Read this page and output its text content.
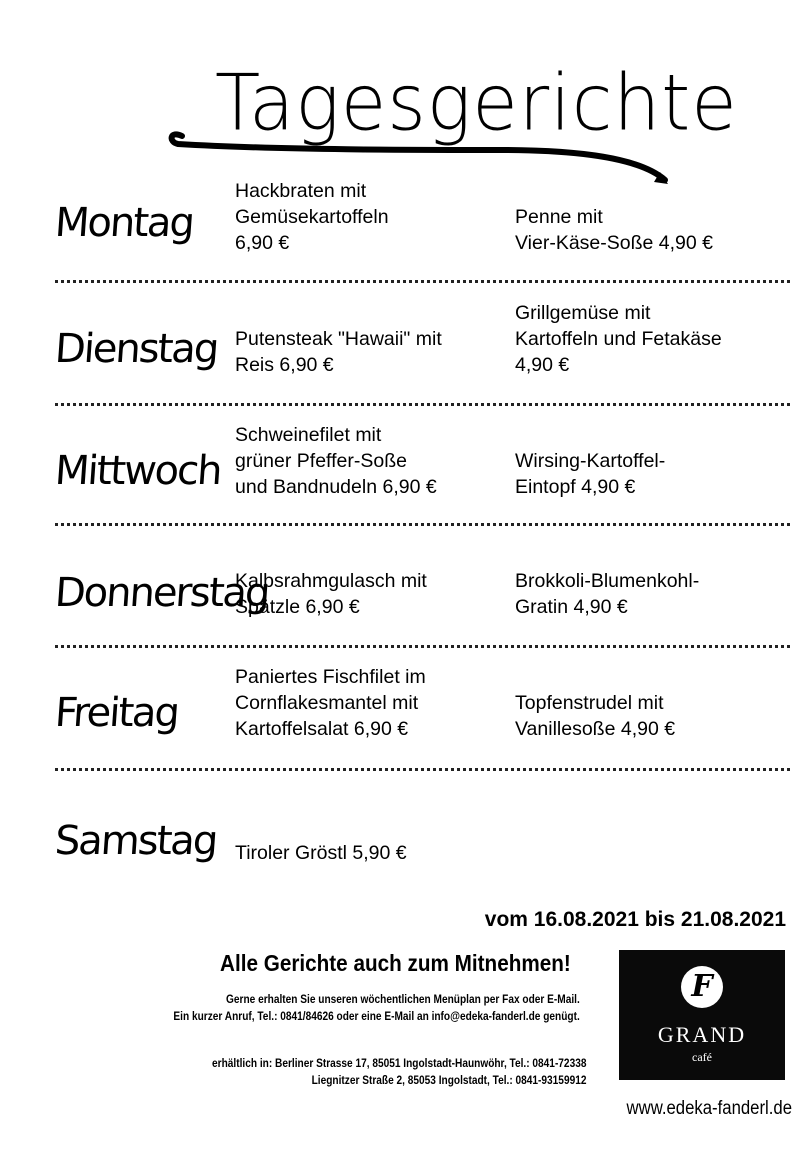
Tagesgerichte
Montag
Hackbraten mit
Gemüsekartoffeln
6,90 €
Penne mit
Vier-Käse-Soße 4,90 €
Dienstag Putensteak "Hawaii" mit
Reis 6,90 €
Grillgemüse mit
Kartoffeln und Fetakäse
4,90 €
Mittwoch
Schweinefilet mit
grüner Pfeffer-Soße
und Bandnudeln 6,90 €
Wirsing-Kartoffel-
Eintopf 4,90 €
Donnerstag
Kalbsrahmgulasch mit
Spätzle 6,90 €
Brokkoli-Blumenkohl-
Gratin 4,90 €
Freitag
Paniertes Fischfilet im
Cornflakesmantel mit
Kartoffelsalat 6,90 €
Topfenstrudel mit
Vanillesoße 4,90 €
Samstag Tiroler Gröstl 5,90 €
vom 16.08.2021 bis 21.08.2021
Alle Gerichte auch zum Mitnehmen!
Gerne erhalten Sie unseren wöchentlichen Menüplan per Fax oder E-Mail.
Ein kurzer Anruf, Tel.: 0841/84626 oder eine E-Mail an info@edeka-fanderl.de genügt.
erhältlich in: Berliner Strasse 17, 85051 Ingolstadt-Haunwöhr, Tel.: 0841-72338
Liegnitzer Straße 2, 85053 Ingolstadt, Tel.: 0841-93159912
F
GRAND
café
www.edeka-fanderl.de
